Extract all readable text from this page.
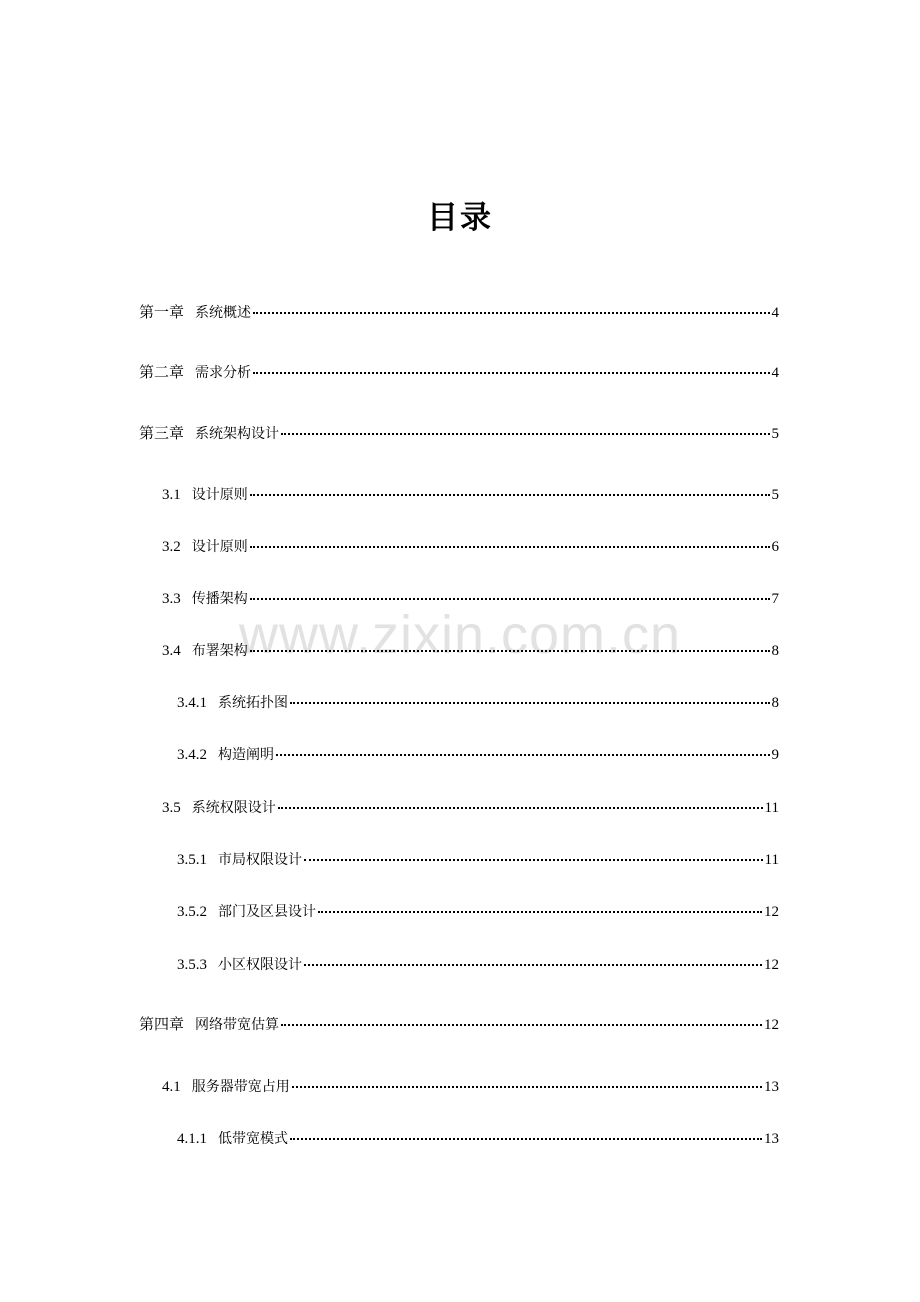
www.zixin.com.cn
目录
第一章 系统概述	4
第二章 需求分析	4
第三章 系统架构设计	5
3.1 设计原则	5
3.2 设计原则	6
3.3 传播架构	7
3.4 布署架构	8
3.4.1 系统拓扑图	8
3.4.2 构造阐明	9
3.5 系统权限设计	11
3.5.1 市局权限设计	11
3.5.2 部门及区县设计	12
3.5.3 小区权限设计	12
第四章 网络带宽估算	12
4.1 服务器带宽占用	13
4.1.1 低带宽模式	13
